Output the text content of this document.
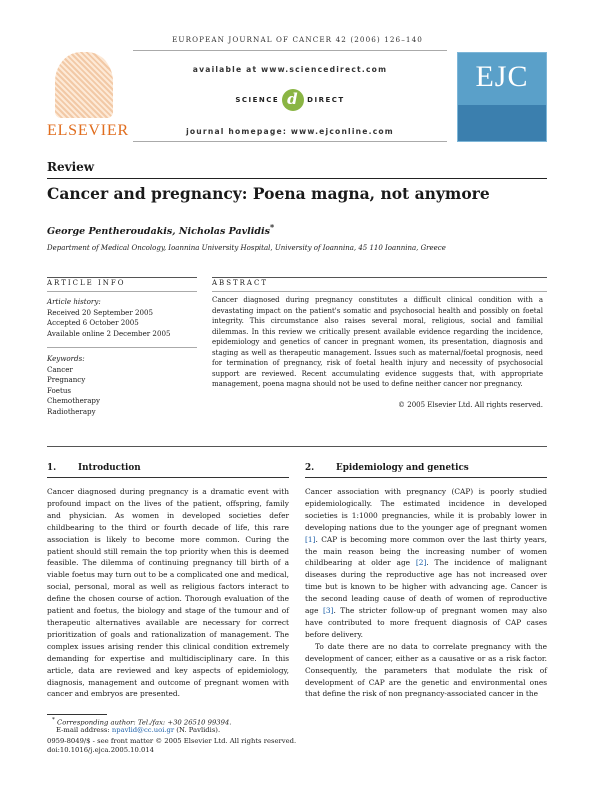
EUROPEAN JOURNAL OF CANCER 42 (2006) 126–140
ELSEVIER
available at www.sciencedirect.com
SCIENCE d DIRECT
journal homepage: www.ejconline.com
EJC
Review
Cancer and pregnancy: Poena magna, not anymore
George Pentheroudakis, Nicholas Pavlidis*
Department of Medical Oncology, Ioannina University Hospital, University of Ioannina, 45 110 Ioannina, Greece
ARTICLE INFO	ABSTRACT
Article history:
Received 20 September 2005
Accepted 6 October 2005
Available online 2 December 2005
Keywords:
Cancer
Pregnancy
Foetus
Chemotherapy
Radiotherapy
Cancer diagnosed during pregnancy constitutes a difficult clinical condition with a devastating impact on the patient's somatic and psychosocial health and possibly on foetal integrity. This circumstance also raises several moral, religious, social and familial dilemmas. In this review we critically present available evidence regarding the incidence, epidemiology and genetics of cancer in pregnant women, its presentation, diagnosis and staging as well as therapeutic management. Issues such as maternal/foetal prognosis, need for termination of pregnancy, risk of foetal health injury and necessity of psychosocial support are reviewed. Recent accumulating evidence suggests that, with appropriate management, poena magna should not be used to define neither cancer nor pregnancy.
© 2005 Elsevier Ltd. All rights reserved.
1. Introduction

Cancer diagnosed during pregnancy is a dramatic event with profound impact on the lives of the patient, offspring, family and physician. As women in developed societies defer childbearing to the third or fourth decade of life, this rare association is likely to become more common. Curing the patient should still remain the top priority when this is deemed feasible. The dilemma of continuing pregnancy till birth of a viable foetus may turn out to be a complicated one and medical, social, personal, moral as well as religious factors interact to define the chosen course of action. Thorough evaluation of the patient and foetus, the biology and stage of the tumour and of therapeutic alternatives available are necessary for correct prioritization of goals and rationalization of management. The complex issues arising render this clinical condition extremely demanding for expertise and multidisciplinary care. In this article, data are reviewed and key aspects of epidemiology, diagnosis, management and outcome of pregnant women with cancer and embryos are presented.

2. Epidemiology and genetics

Cancer association with pregnancy (CAP) is poorly studied epidemiologically. The estimated incidence in developed societies is 1:1000 pregnancies, while it is probably lower in developing nations due to the younger age of pregnant women [1]. CAP is becoming more common over the last thirty years, the main reason being the increasing number of women childbearing at older age [2]. The incidence of malignant diseases during the reproductive age has not increased over time but is known to be higher with advancing age. Cancer is the second leading cause of death of women of reproductive age [3]. The stricter follow-up of pregnant women may also have contributed to more frequent diagnosis of CAP cases before delivery.

To date there are no data to correlate pregnancy with the development of cancer, either as a causative or as a risk factor. Consequently, the parameters that modulate the risk of development of CAP are the genetic and environmental ones that define the risk of non pregnancy-associated cancer in the

* Corresponding author: Tel./fax: +30 26510 99394.
E-mail address: npavlid@cc.uoi.gr (N. Pavlidis).
0959-8049/$ - see front matter © 2005 Elsevier Ltd. All rights reserved.
doi:10.1016/j.ejca.2005.10.014
